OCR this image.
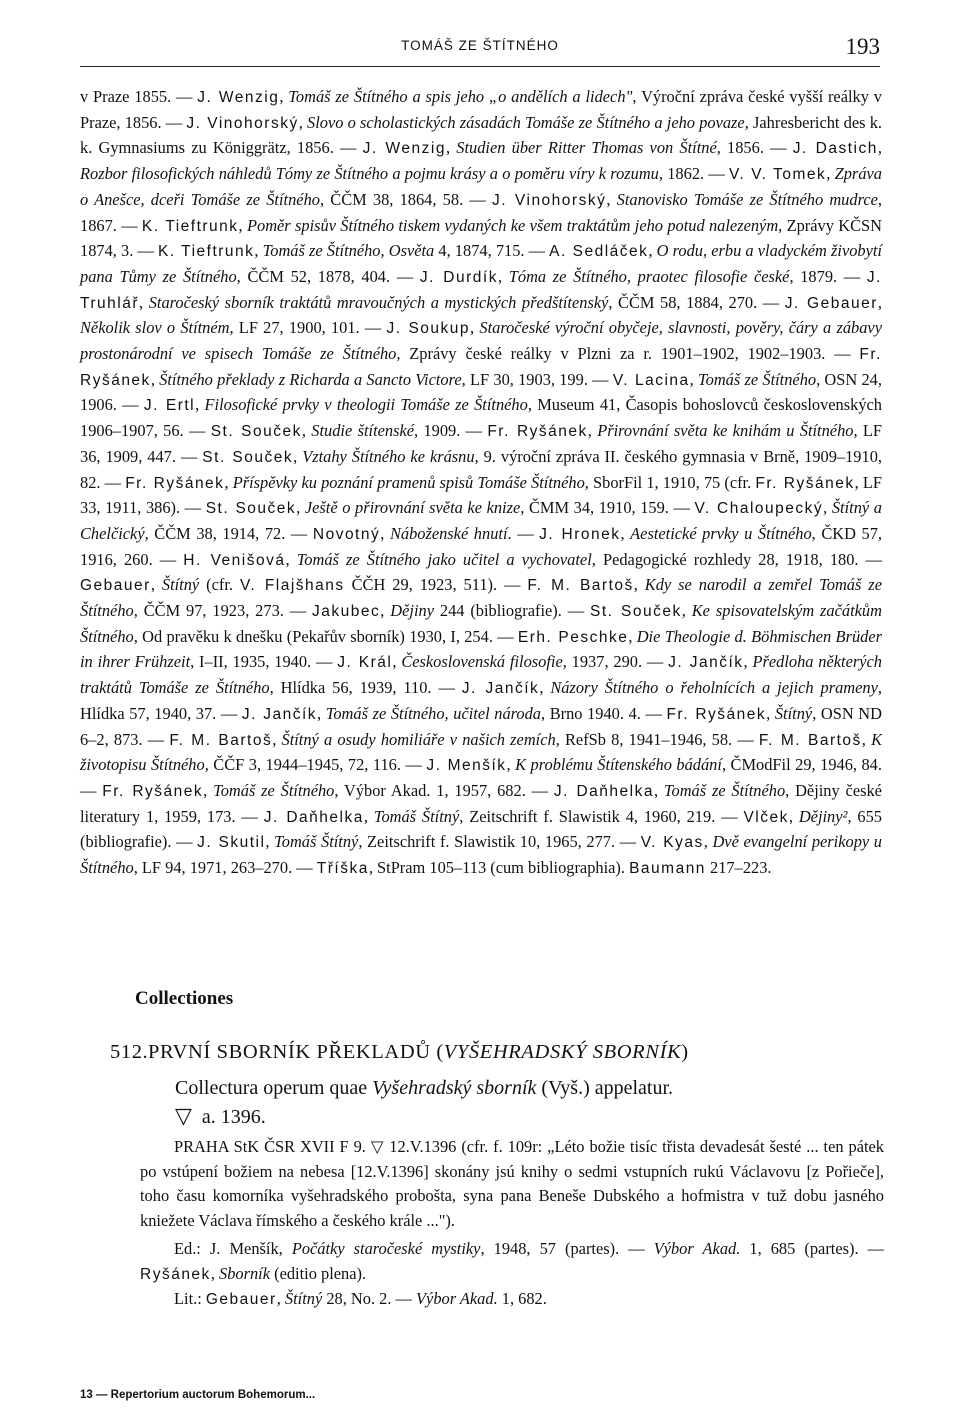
TOMÁŠ ZE ŠTÍTNÉHO	193

v Praze 1855. — J. Wenzig, Tomáš ze Štítného a spis jeho „o andělích a lidech", Výroční zpráva české vyšší reálky v Praze, 1856. — J. Vinohorský, Slovo o scholastických zásadách Tomáše ze Štítného a jeho povaze, Jahresbericht des k. k. Gymnasiums zu Königgrätz, 1856. — J. Wenzig, Studien über Ritter Thomas von Štítné, 1856. — J. Dastich, Rozbor filosofických náhledů Tómy ze Štítného a pojmu krásy a o poměru víry k rozumu, 1862. — V. V. Tomek, Zpráva o Anešce, dceři Tomáše ze Štítného, ČČM 38, 1864, 58. — J. Vinohorský, Stanovisko Tomáše ze Štítného mudrce, 1867. — K. Tieftrunk, Poměr spisův Štítného tiskem vydaných ke všem traktátům jeho potud nalezeným, Zprávy KČSN 1874, 3. — K. Tieftrunk, Tomáš ze Štítného, Osvěta 4, 1874, 715. — A. Sedláček, O rodu, erbu a vladyckém živobytí pana Tůmy ze Štítného, ČČM 52, 1878, 404. — J. Durdík, Tóma ze Štítného, praotec filosofie české, 1879. — J. Truhlář, Staročeský sborník traktátů mravoučných a mystických předštítenský, ČČM 58, 1884, 270. — J. Gebauer, Několik slov o Štítném, LF 27, 1900, 101. — J. Soukup, Staročeské výroční obyčeje, slavnosti, pověry, čáry a zábavy prostonárodní ve spisech Tomáše ze Štítného, Zprávy české reálky v Plzni za r. 1901–1902, 1902–1903. — Fr. Ryšánek, Štítného překlady z Richarda a Sancto Victore, LF 30, 1903, 199. — V. Lacina, Tomáš ze Štítného, OSN 24, 1906. — J. Ertl, Filosofické prvky v theologii Tomáše ze Štítného, Museum 41, Časopis bohoslovců československých 1906–1907, 56. — St. Souček, Studie štítenské, 1909. — Fr. Ryšánek, Přirovnání světa ke knihám u Štítného, LF 36, 1909, 447. — St. Souček, Vztahy Štítného ke krásnu, 9. výroční zpráva II. českého gymnasia v Brně, 1909–1910, 82. — Fr. Ryšánek, Příspěvky ku poznání pramenů spisů Tomáše Štítného, SborFil 1, 1910, 75 (cfr. Fr. Ryšánek, LF 33, 1911, 386). — St. Souček, Ještě o přirovnání světa ke knize, ČMM 34, 1910, 159. — V. Chaloupecký, Štítný a Chelčický, ČČM 38, 1914, 72. — Novotný, Náboženské hnutí. — J. Hronek, Aestetické prvky u Štítného, ČKD 57, 1916, 260. — H. Venišová, Tomáš ze Štítného jako učitel a vychovatel, Pedagogické rozhledy 28, 1918, 180. — Gebauer, Štítný (cfr. V. Flajšhans ČČH 29, 1923, 511). — F. M. Bartoš, Kdy se narodil a zemřel Tomáš ze Štítného, ČČM 97, 1923, 273. — Jakubec, Dějiny 244 (bibliografie). — St. Souček, Ke spisovatelským začátkům Štítného, Od pravěku k dnešku (Pekařův sborník) 1930, I, 254. — Erh. Peschke, Die Theologie d. Böhmischen Brüder in ihrer Frühzeit, I–II, 1935, 1940. — J. Král, Československá filosofie, 1937, 290. — J. Jančík, Předloha některých traktátů Tomáše ze Štítného, Hlídka 56, 1939, 110. — J. Jančík, Názory Štítného o řeholnících a jejich prameny, Hlídka 57, 1940, 37. — J. Jančík, Tomáš ze Štítného, učitel národa, Brno 1940. 4. — Fr. Ryšánek, Štítný, OSN ND 6–2, 873. — F. M. Bartoš, Štítný a osudy homiliáře v našich zemích, RefSb 8, 1941–1946, 58. — F. M. Bartoš, K životopisu Štítného, ČČF 3, 1944–1945, 72, 116. — J. Menšík, K problému Štítenského bádání, ČModFil 29, 1946, 84. — Fr. Ryšánek, Tomáš ze Štítného, Výbor Akad. 1, 1957, 682. — J. Daňhelka, Tomáš ze Štítného, Dějiny české literatury 1, 1959, 173. — J. Daňhelka, Tomáš Štítný, Zeitschrift f. Slawistik 4, 1960, 219. — Vlček, Dějiny², 655 (bibliografie). — J. Skutil, Tomáš Štítný, Zeitschrift f. Slawistik 10, 1965, 277. — V. Kyas, Dvě evangelní perikopy u Štítného, LF 94, 1971, 263–270. — Tříška, StPram 105–113 (cum bibliographia). Baumann 217–223.

Collectiones
512.PRVNÍ SBORNÍK PŘEKLADŮ (VYŠEHRADSKÝ SBORNÍK)
Collectura operum quae Vyšehradský sborník (Vyš.) appelatur.
▽ a. 1396.

PRAHA StK ČSR XVII F 9. ▽ 12.V.1396 (cfr. f. 109r: „Léto božie tisíc třista devadesát šesté ... ten pátek po vstúpení božiem na nebesa [12.V.1396] skonány jsú knihy o sedmi vstupních rukú Václavovu [z Pořieče], toho času komorníka vyšehradského proboštа, syna pana Beneše Dubského a hofmistra v tuž dobu jasného kniežete Václava římského a českého krále ...").

Ed.: J. Menšík, Počátky staročeské mystiky, 1948, 57 (partes). — Výbor Akad. 1, 685 (partes). — Ryšánek, Sborník (editio plena).

Lit.: Gebauer, Štítný 28, No. 2. — Výbor Akad. 1, 682.

13 — Repertorium auctorum Bohemorum...
